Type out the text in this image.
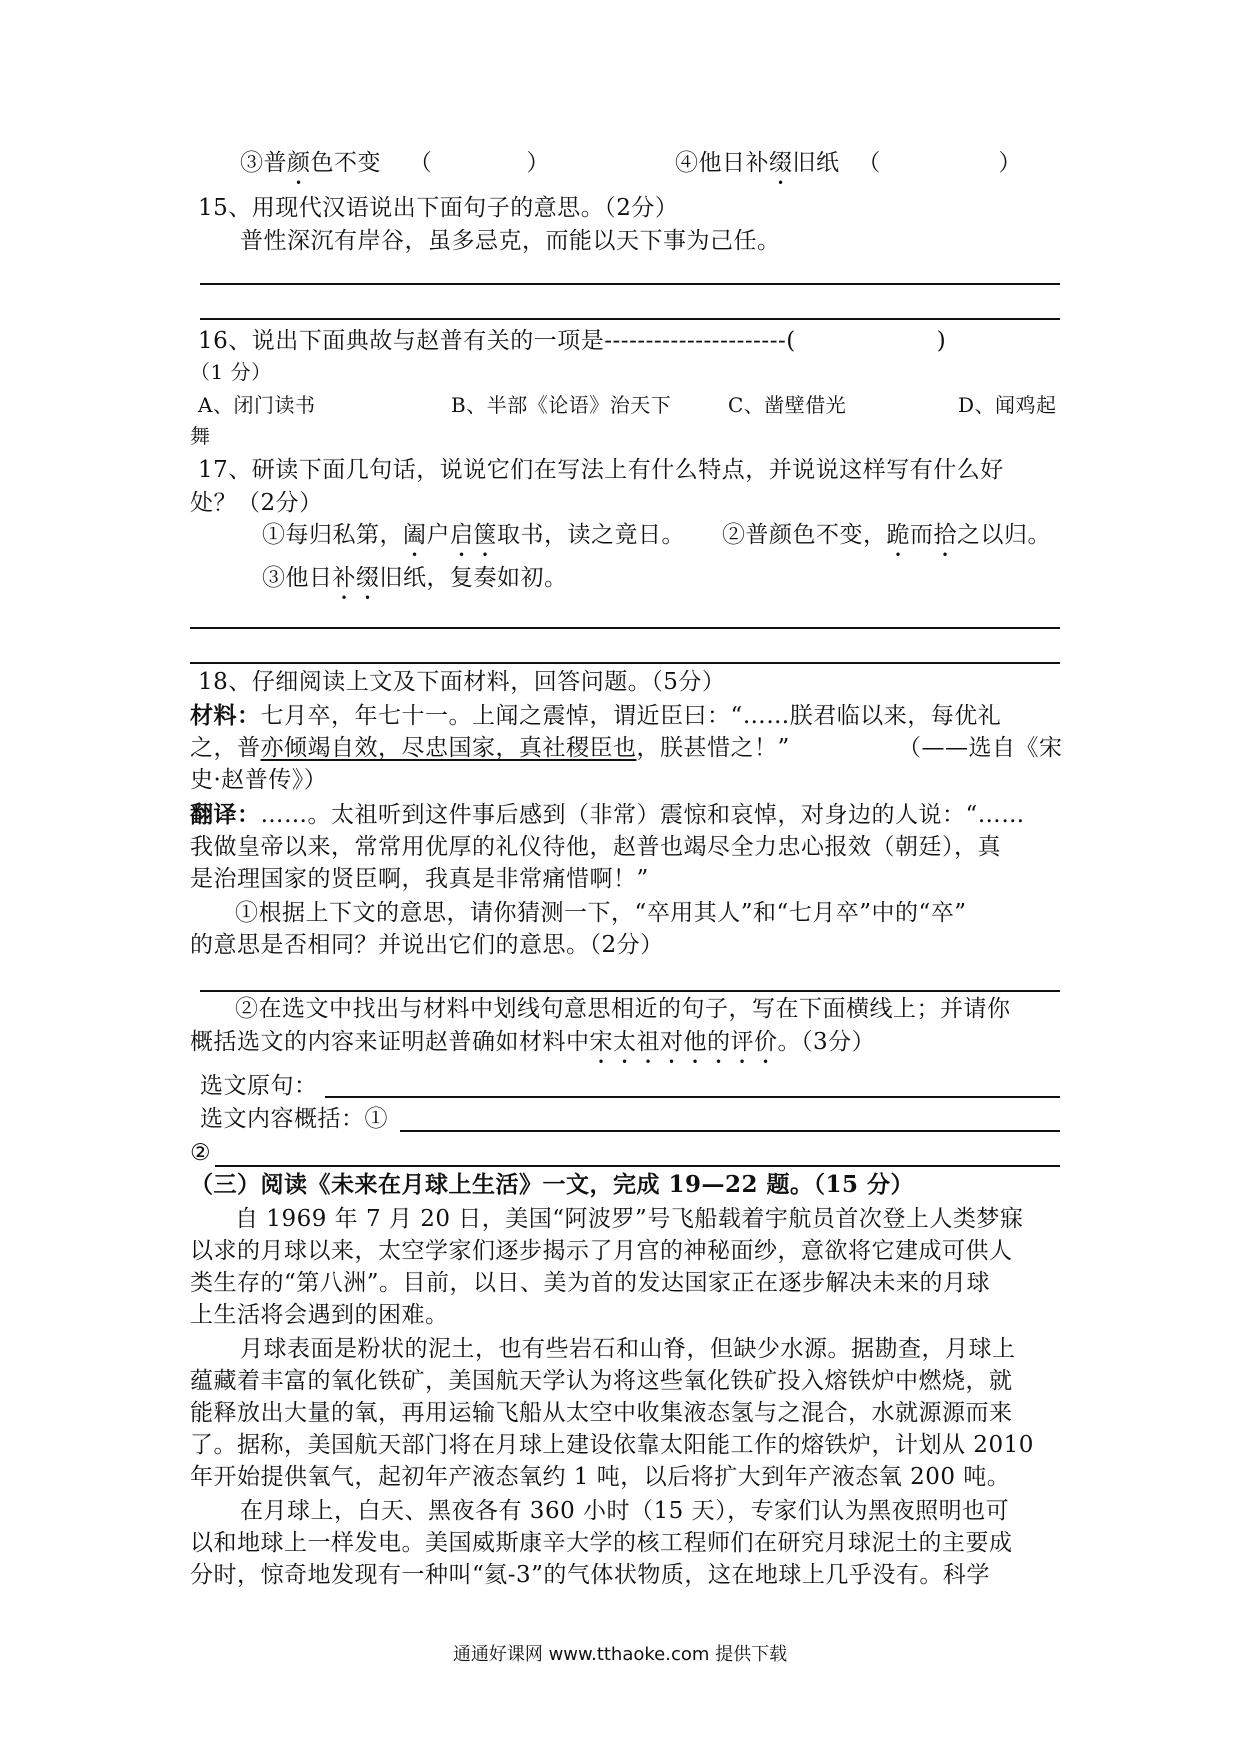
③普颜色不变 （　　　　）	④他日补缀旧纸 （　　　　　）
15、用现代汉语说出下面句子的意思。（2分）
普性深沉有岸谷，虽多忌克，而能以天下事为己任。
16、说出下面典故与赵普有关的一项是----------------------(　　　　　　)
（1 分）
A、闭门读书	B、半部《论语》治天下	C、凿壁借光	D、闻鸡起
舞
17、研读下面几句话，说说它们在写法上有什么特点，并说说这样写有什么好
处？（2分）
①每归私第，阖户启箧取书，读之竟日。 ②普颜色不变，跪而拾之以归。
③他日补缀旧纸，复奏如初。
18、仔细阅读上文及下面材料，回答问题。（5分）
材料：七月卒，年七十一。上闻之震悼，谓近臣曰：“……朕君临以来，每优礼
之，普亦倾竭自效，尽忠国家，真社稷臣也，朕甚惜之！”	（——选自《宋
史·赵普传》）
翻译：……。太祖听到这件事后感到（非常）震惊和哀悼，对身边的人说：“……
我做皇帝以来，常常用优厚的礼仪待他，赵普也竭尽全力忠心报效（朝廷），真
是治理国家的贤臣啊，我真是非常痛惜啊！”
①根据上下文的意思，请你猜测一下，“卒用其人”和“七月卒”中的“卒”
的意思是否相同？并说出它们的意思。（2分）
②在选文中找出与材料中划线句意思相近的句子，写在下面横线上；并请你
概括选文的内容来证明赵普确如材料中宋太祖对他的评价。（3分）
选文原句：
选文内容概括：①
②
（三）阅读《未来在月球上生活》一文，完成 19—22 题。（15 分）
自 1969 年 7 月 20 日，美国“阿波罗”号飞船载着宇航员首次登上人类梦寐
以求的月球以来，太空学家们逐步揭示了月宫的神秘面纱，意欲将它建成可供人
类生存的“第八洲”。目前，以日、美为首的发达国家正在逐步解决未来的月球
上生活将会遇到的困难。
月球表面是粉状的泥土，也有些岩石和山脊，但缺少水源。据勘查，月球上
蕴藏着丰富的氧化铁矿，美国航天学认为将这些氧化铁矿投入熔铁炉中燃烧，就
能释放出大量的氧，再用运输飞船从太空中收集液态氢与之混合，水就源源而来
了。据称，美国航天部门将在月球上建设依靠太阳能工作的熔铁炉，计划从 2010
年开始提供氧气，起初年产液态氧约 1 吨，以后将扩大到年产液态氧 200 吨。
在月球上，白天、黑夜各有 360 小时（15 天），专家们认为黑夜照明也可
以和地球上一样发电。美国威斯康辛大学的核工程师们在研究月球泥土的主要成
分时，惊奇地发现有一种叫“氦-3”的气体状物质，这在地球上几乎没有。科学
通通好课网 www.tthaoke.com 提供下载
